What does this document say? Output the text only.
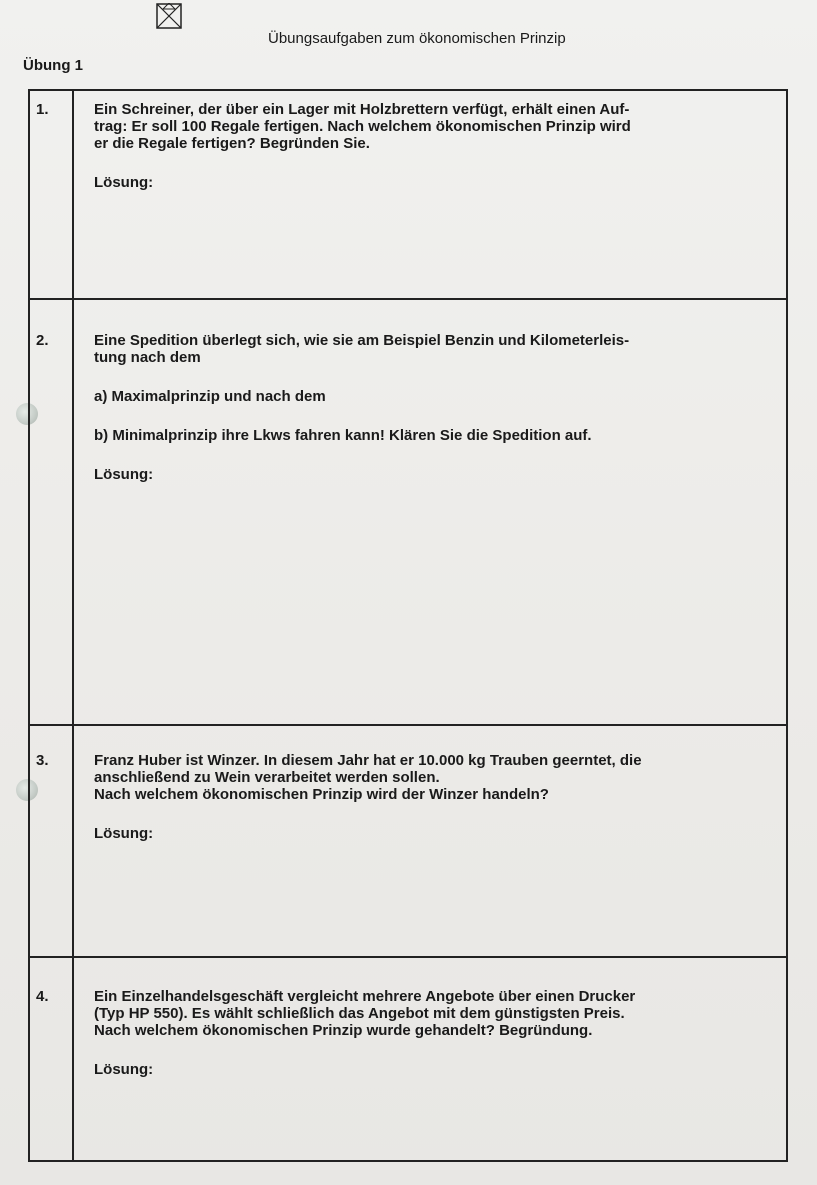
Übungsaufgaben zum ökonomischen Prinzip
Übung 1
1.	Ein Schreiner, der über ein Lager mit Holzbrettern verfügt, erhält einen Auf-

trag: Er soll 100 Regale fertigen. Nach welchem ökonomischen Prinzip wird

er die Regale fertigen? Begründen Sie.

Lösung:

2.	Eine Spedition überlegt sich, wie sie am Beispiel Benzin und Kilometerleis-

tung nach dem

a) Maximalprinzip und nach dem

b) Minimalprinzip ihre Lkws fahren kann! Klären Sie die Spedition auf.

Lösung:

3.	Franz Huber ist Winzer. In diesem Jahr hat er 10.000 kg Trauben geerntet, die

anschließend zu Wein verarbeitet werden sollen.

Nach welchem ökonomischen Prinzip wird der Winzer handeln?

Lösung:

4.	Ein Einzelhandelsgeschäft vergleicht mehrere Angebote über einen Drucker

(Typ HP 550). Es wählt schließlich das Angebot mit dem günstigsten Preis.

Nach welchem ökonomischen Prinzip wurde gehandelt? Begründung.

Lösung:
